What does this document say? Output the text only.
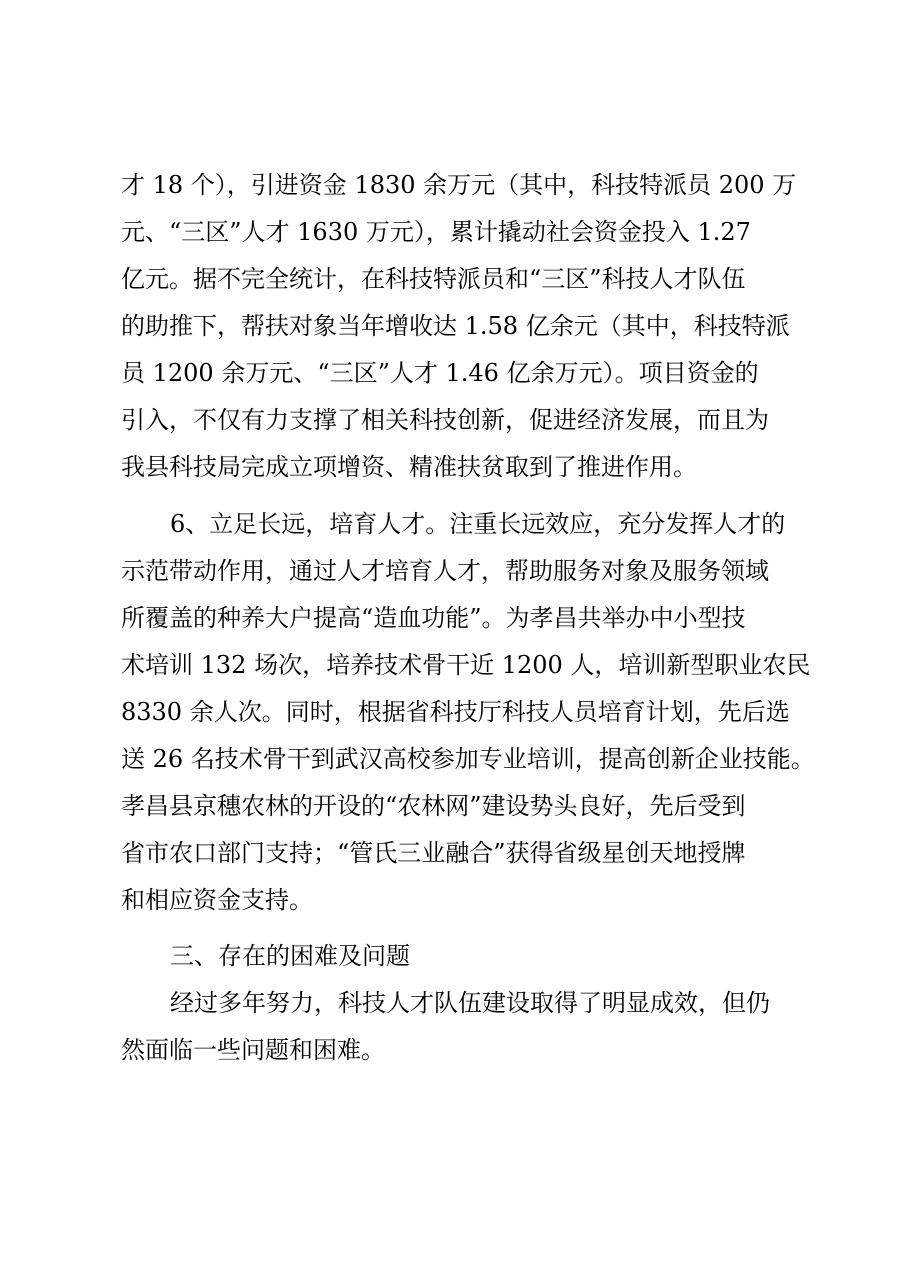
才 18 个），引进资金 1830 余万元（其中，科技特派员 200 万
元、“三区”人才 1630 万元），累计撬动社会资金投入 1.27
亿元。据不完全统计，在科技特派员和“三区”科技人才队伍
的助推下，帮扶对象当年增收达 1.58 亿余元（其中，科技特派
员 1200 余万元、“三区”人才 1.46 亿余万元）。项目资金的
引入，不仅有力支撑了相关科技创新，促进经济发展，而且为
我县科技局完成立项增资、精准扶贫取到了推进作用。
6、立足长远，培育人才。注重长远效应，充分发挥人才的
示范带动作用，通过人才培育人才，帮助服务对象及服务领域
所覆盖的种养大户提高“造血功能”。为孝昌共举办中小型技
术培训 132 场次，培养技术骨干近 1200 人，培训新型职业农民
8330 余人次。同时，根据省科技厅科技人员培育计划，先后选
送 26 名技术骨干到武汉高校参加专业培训，提高创新企业技能。
孝昌县京穗农林的开设的“农林网”建设势头良好，先后受到
省市农口部门支持；“管氏三业融合”获得省级星创天地授牌
和相应资金支持。
三、存在的困难及问题
经过多年努力，科技人才队伍建设取得了明显成效，但仍
然面临一些问题和困难。
